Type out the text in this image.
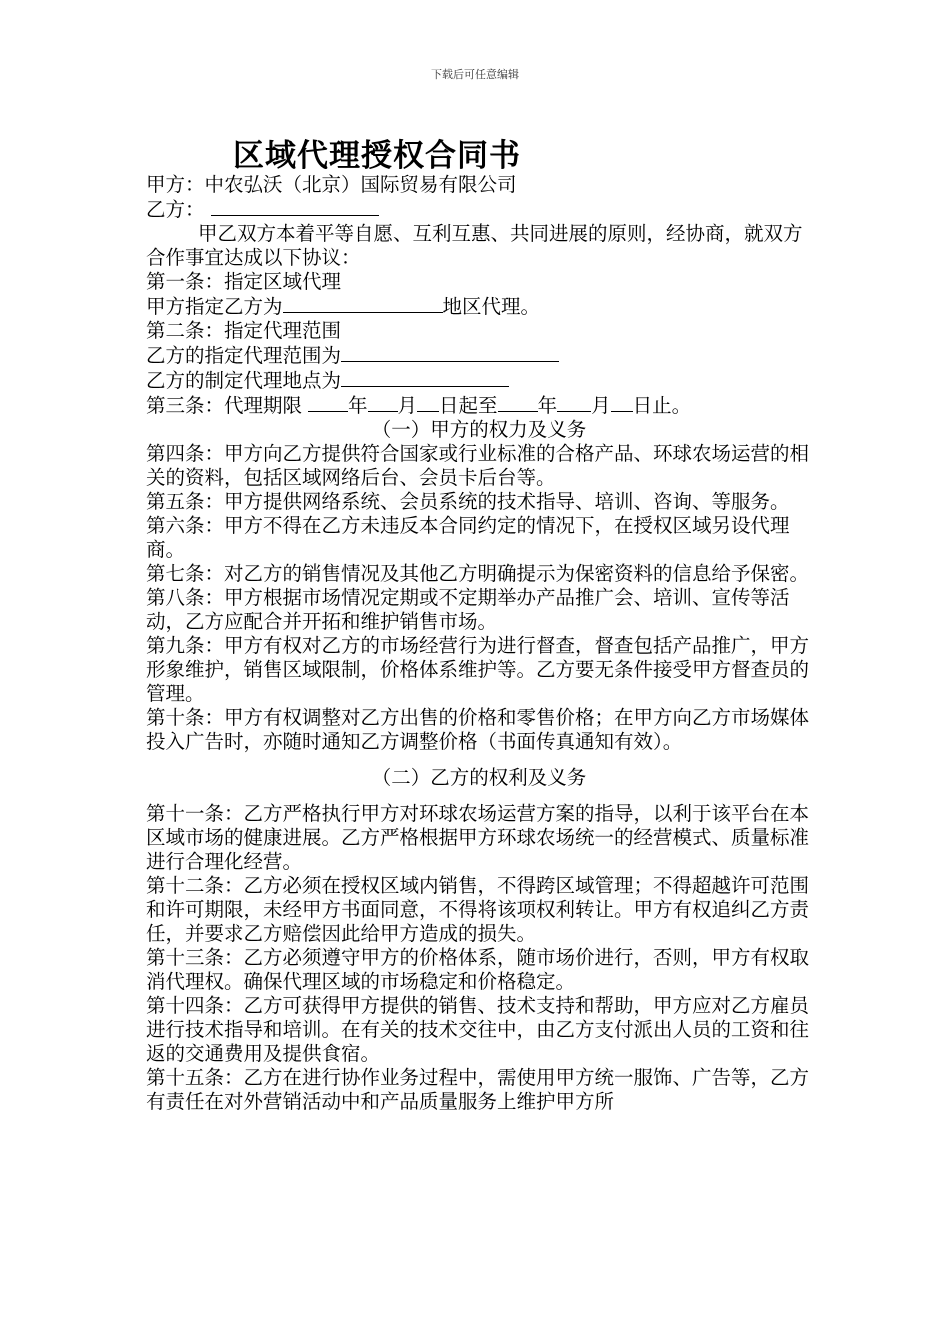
下载后可任意编辑
区域代理授权合同书

甲方：中农弘沃（北京）国际贸易有限公司

乙方：

甲乙双方本着平等自愿、互利互惠、共同进展的原则，经协商，就双方合作事宜达成以下协议：

第一条：指定区域代理

甲方指定乙方为	地区代理。

第二条：指定代理范围

乙方的指定代理范围为

乙方的制定代理地点为

第三条：代理期限 年 月 日起至 年 月 日止。

（一）甲方的权力及义务

第四条：甲方向乙方提供符合国家或行业标准的合格产品、环球农场运营的相关的资料，包括区域网络后台、会员卡后台等。

第五条：甲方提供网络系统、会员系统的技术指导、培训、咨询、等服务。

第六条：甲方不得在乙方未违反本合同约定的情况下，在授权区域另设代理商。

第七条：对乙方的销售情况及其他乙方明确提示为保密资料的信息给予保密。

第八条：甲方根据市场情况定期或不定期举办产品推广会、培训、宣传等活动，乙方应配合并开拓和维护销售市场。

第九条：甲方有权对乙方的市场经营行为进行督查，督查包括产品推广，甲方形象维护，销售区域限制，价格体系维护等。乙方要无条件接受甲方督查员的管理。

第十条：甲方有权调整对乙方出售的价格和零售价格；在甲方向乙方市场媒体投入广告时，亦随时通知乙方调整价格（书面传真通知有效）。

（二）乙方的权利及义务

第十一条：乙方严格执行甲方对环球农场运营方案的指导，以利于该平台在本区域市场的健康进展。乙方严格根据甲方环球农场统一的经营模式、质量标准进行合理化经营。

第十二条：乙方必须在授权区域内销售，不得跨区域管理；不得超越许可范围和许可期限，未经甲方书面同意，不得将该项权利转让。甲方有权追纠乙方责任，并要求乙方赔偿因此给甲方造成的损失。

第十三条：乙方必须遵守甲方的价格体系，随市场价进行，否则，甲方有权取消代理权。确保代理区域的市场稳定和价格稳定。

第十四条：乙方可获得甲方提供的销售、技术支持和帮助，甲方应对乙方雇员进行技术指导和培训。在有关的技术交往中，由乙方支付派出人员的工资和往返的交通费用及提供食宿。

第十五条：乙方在进行协作业务过程中，需使用甲方统一服饰、广告等，乙方有责任在对外营销活动中和产品质量服务上维护甲方所
